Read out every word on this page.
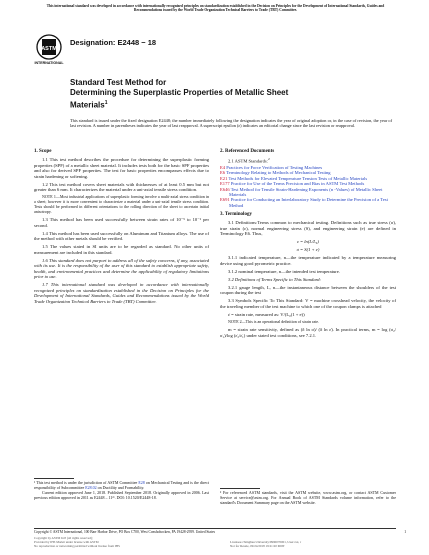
This international standard was developed in accordance with internationally recognized principles on standardization established in the Decision on Principles for the Development of International Standards, Guides and Recommendations issued by the World Trade Organization Technical Barriers to Trade (TBT) Committee.
ASTM
INTERNATIONAL
Designation: E2448 − 18
Standard Test Method for
Determining the Superplastic Properties of Metallic Sheet
Materials$^1$
This standard is issued under the fixed designation E2448; the number immediately following the designation indicates the year of original adoption or, in the case of revision, the year of last revision. A number in parentheses indicates the year of last reapproval. A superscript epsilon (ε) indicates an editorial change since the last revision or reapproval.
1. Scope

1.1 This test method describes the procedure for determining the superplastic forming properties (SPF) of a metallic sheet material. It includes tests both for the basic SPF properties and also for derived SPF properties. The test for basic properties encompasses effects due to strain hardening or softening.

1.2 This test method covers sheet materials with thicknesses of at least 0.5 mm but not greater than 6 mm. It characterizes the material under a uni-axial tensile stress condition.

NOTE 1—Most industrial applications of superplastic forming involve a multi-axial stress condition in a sheet; however it is more convenient to characterize a material under a uni-axial tensile stress condition. Tests should be performed in different orientations to the rolling direction of the sheet to ascertain initial anisotropy.

1.3 This method has been used successfully between strain rates of 10⁻⁵ to 10⁻¹ per second.

1.4 This method has been used successfully on Aluminum and Titanium alloys. The use of the method with other metals should be verified.

1.5 The values stated in SI units are to be regarded as standard. No other units of measurement are included in this standard.

1.6 This standard does not purport to address all of the safety concerns, if any, associated with its use. It is the responsibility of the user of this standard to establish appropriate safety, health, and environmental practices and determine the applicability of regulatory limitations prior to use.

1.7 This international standard was developed in accordance with internationally recognized principles on standardization established in the Decision on Principles for the Development of International Standards, Guides and Recommendations issued by the World Trade Organization Technical Barriers to Trade (TBT) Committee.

¹ This test method is under the jurisdiction of ASTM Committee E28 on Mechanical Testing and is the direct responsibility of Subcommittee E28.02 on Ductility and Formability.
Current edition approved June 1, 2018. Published September 2018. Originally approved in 2006. Last previous edition approved in 2011 as E2448 – 11ᵉ¹. DOI: 10.1520/E2448-18.
2. Referenced Documents

2.1 ASTM Standards:$^2$

E4 Practices for Force Verification of Testing Machines
E6 Terminology Relating to Methods of Mechanical Testing
E21 Test Methods for Elevated Temperature Tension Tests of Metallic Materials
E177 Practice for Use of the Terms Precision and Bias in ASTM Test Methods
E646 Test Method for Tensile Strain-Hardening Exponents (n -Values) of Metallic Sheet Materials
E691 Practice for Conducting an Interlaboratory Study to Determine the Precision of a Test Method
3. Terminology

3.1 Definitions:Terms common to mechanical testing. Definitions such as true stress (σ), true strain (ε), normal engineering stress (S), and engineering strain (e) are defined in Terminology E6. Thus,

ε = ln(L/L₀)
σ = S(1 + e)

3.1.1 indicated temperature, n—the temperature indicated by a temperature measuring device using good pyrometric practice.

3.1.2 nominal temperature, n—the intended test temperature.

3.2 Definitions of Terms Specific to This Standard:

3.2.1 gauge length, L, n—the instantaneous distance between the shoulders of the test coupon during the test

3.3 Symbols Specific To This Standard: V = machine crosshead velocity, the velocity of the traveling member of the test machine to which one of the coupon clamps is attached

ε̇ = strain rate, measured as: V/(L₀(1 + e))

NOTE 2—This is an operational definition of strain rate.

m = strain rate sensitivity, defined as (δ ln σ)/ (δ ln ε̇). In practical terms, m = log (σ₂/σ₁)/log (ε̇₂/ε̇₁) under stated test conditions, see 7.2.1.

² For referenced ASTM standards, visit the ASTM website, www.astm.org, or contact ASTM Customer Service at service@astm.org. For Annual Book of ASTM Standards volume information, refer to the standard's Document Summary page on the ASTM website.
Copyright © ASTM International, 100 Barr Harbor Drive, PO Box C700, West Conshohocken, PA 19428-2959. United States	1
Copyright by ASTM Int'l (all rights reserved);
Provided by IHS Markit under license with ASTM
No reproduction or networking permitted without license from IHS
Licensee=Tsinghua University/9990070001, User=xx, r
Not for Resale, 09/24/2018 19:21:20 MDT
